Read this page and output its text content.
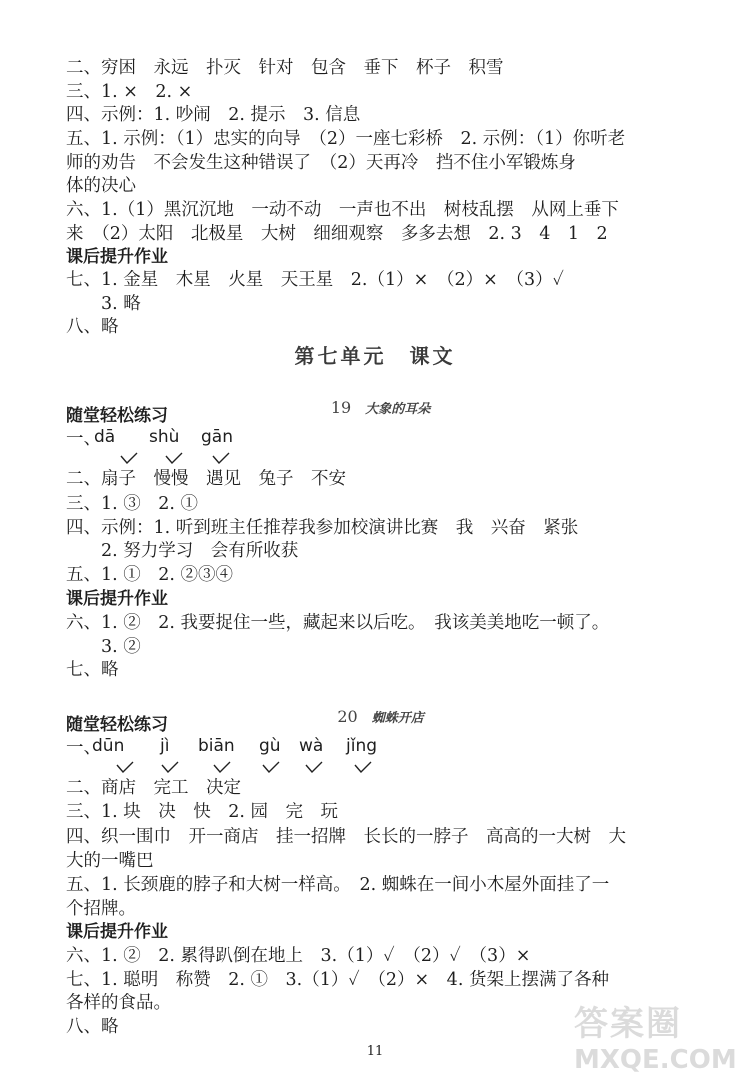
二、穷困　永远　扑灭　针对　包含　垂下　杯子　积雪
三、1. ×　2. ×
四、示例：1. 吵闹　2. 提示　3. 信息
五、1. 示例：（1）忠实的向导　（2）一座七彩桥　2. 示例：（1）你听老
师的劝告　不会发生这种错误了　（2）天再冷　挡不住小军锻炼身
体的决心
六、1.（1）黑沉沉地　一动不动　一声也不出　树枝乱摆　从网上垂下
来　（2）太阳　北极星　大树　细细观察　多多去想　2. 3　4　1　2
课后提升作业
七、1. 金星　木星　火星　天王星　2.（1）×　（2）×　（3）✓
　　3. 略
八、略
第七单元　课文

19 大象的耳朵

随堂轻松练习
一、
dā shù gān
二、扇子　慢慢　遇见　兔子　不安
三、1. ③　2. ①
四、示例：1. 听到班主任推荐我参加校演讲比赛　我　兴奋　紧张
　　2. 努力学习　会有所收获
五、1. ①　2. ②③④
课后提升作业
六、1. ②　2. 我要捉住一些，藏起来以后吃。　我该美美地吃一顿了。
　　3. ②
七、略

20 蜘蛛开店

随堂轻松练习
一、
dūn jì biān gù wà jǐng
二、商店　完工　决定
三、1. 块　决　快　2. 园　完　玩
四、织一围巾　开一商店　挂一招牌　长长的一脖子　高高的一大树　大
大的一嘴巴
五、1. 长颈鹿的脖子和大树一样高。　2. 蜘蛛在一间小木屋外面挂了一
个招牌。
课后提升作业
六、1. ②　2. 累得趴倒在地上　3.（1）✓　（2）✓　（3）×
七、1. 聪明　称赞　2. ①　3.（1）✓　（2）×　4. 货架上摆满了各种
各样的食品。
八、略
11
答案圈
MXQE.COM
